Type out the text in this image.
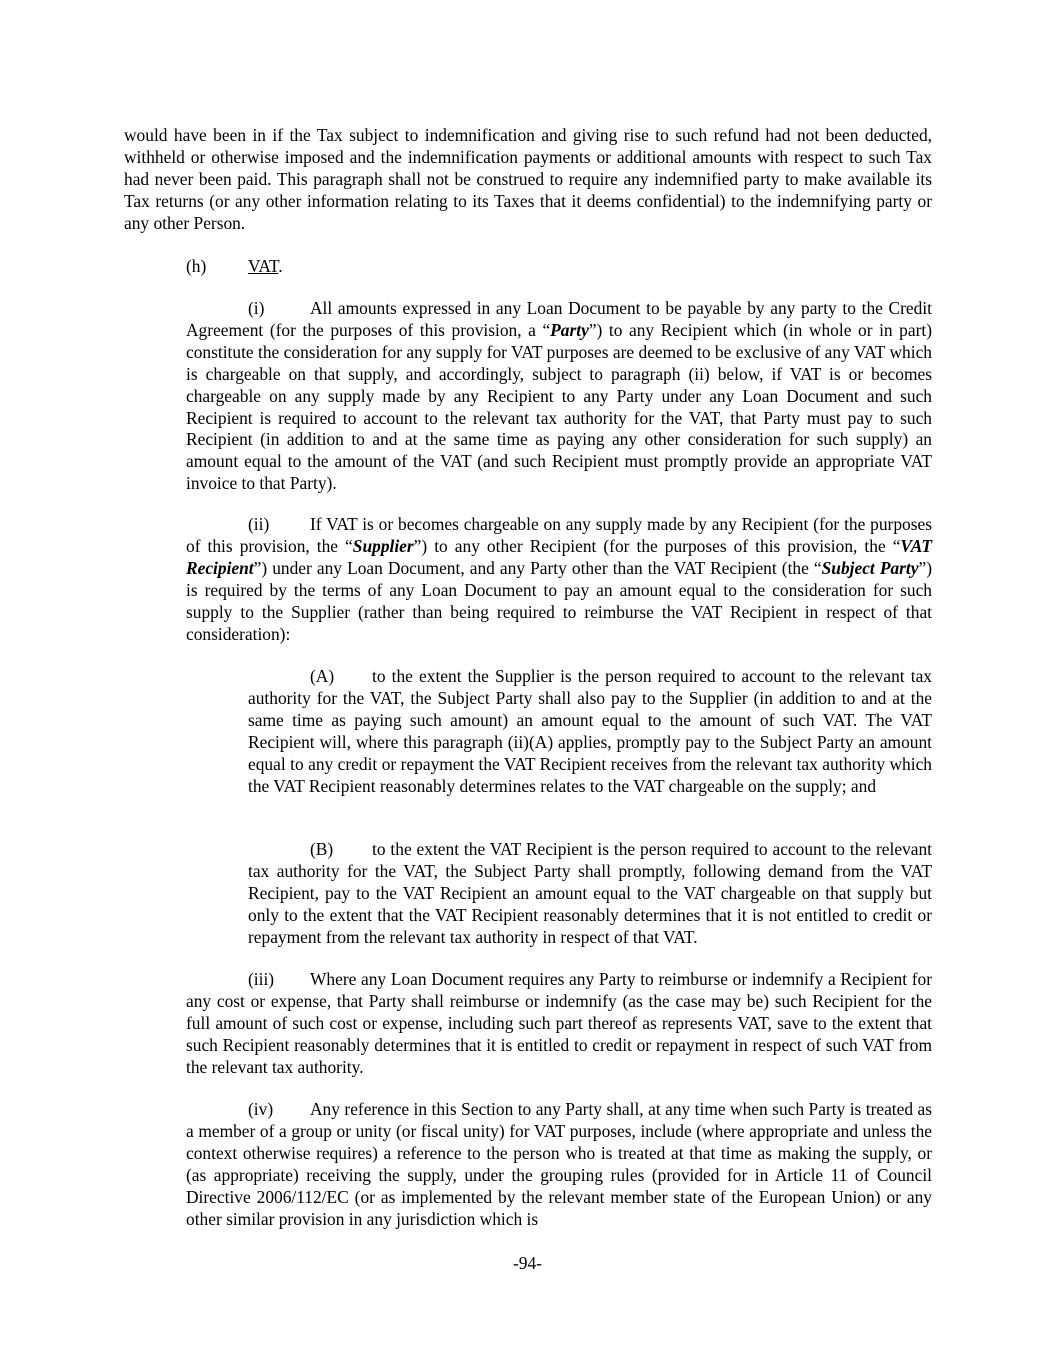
would have been in if the Tax subject to indemnification and giving rise to such refund had not been deducted, withheld or otherwise imposed and the indemnification payments or additional amounts with respect to such Tax had never been paid. This paragraph shall not be construed to require any indemnified party to make available its Tax returns (or any other information relating to its Taxes that it deems confidential) to the indemnifying party or any other Person.

(h) VAT.

(i)	All amounts expressed in any Loan Document to be payable by any party to the Credit Agreement (for the purposes of this provision, a “Party”) to any Recipient which (in whole or in part) constitute the consideration for any supply for VAT purposes are deemed to be exclusive of any VAT which is chargeable on that supply, and accordingly, subject to paragraph (ii) below, if VAT is or becomes chargeable on any supply made by any Recipient to any Party under any Loan Document and such Recipient is required to account to the relevant tax authority for the VAT, that Party must pay to such Recipient (in addition to and at the same time as paying any other consideration for such supply) an amount equal to the amount of the VAT (and such Recipient must promptly provide an appropriate VAT invoice to that Party).

(ii) If VAT is or becomes chargeable on any supply made by any Recipient (for the purposes of this provision, the “Supplier”) to any other Recipient (for the purposes of this provision, the “VAT Recipient”) under any Loan Document, and any Party other than the VAT Recipient (the “Subject Party”) is required by the terms of any Loan Document to pay an amount equal to the consideration for such supply to the Supplier (rather than being required to reimburse the VAT Recipient in respect of that consideration):

(A) to the extent the Supplier is the person required to account to the relevant tax authority for the VAT, the Subject Party shall also pay to the Supplier (in addition to and at the same time as paying such amount) an amount equal to the amount of such VAT. The VAT Recipient will, where this paragraph (ii)(A) applies, promptly pay to the Subject Party an amount equal to any credit or repayment the VAT Recipient receives from the relevant tax authority which the VAT Recipient reasonably determines relates to the VAT chargeable on the supply; and

(B) to the extent the VAT Recipient is the person required to account to the relevant tax authority for the VAT, the Subject Party shall promptly, following demand from the VAT Recipient, pay to the VAT Recipient an amount equal to the VAT chargeable on that supply but only to the extent that the VAT Recipient reasonably determines that it is not entitled to credit or repayment from the relevant tax authority in respect of that VAT.

(iii) Where any Loan Document requires any Party to reimburse or indemnify a Recipient for any cost or expense, that Party shall reimburse or indemnify (as the case may be) such Recipient for the full amount of such cost or expense, including such part thereof as represents VAT, save to the extent that such Recipient reasonably determines that it is entitled to credit or repayment in respect of such VAT from the relevant tax authority.

(iv) Any reference in this Section to any Party shall, at any time when such Party is treated as a member of a group or unity (or fiscal unity) for VAT purposes, include (where appropriate and unless the context otherwise requires) a reference to the person who is treated at that time as making the supply, or (as appropriate) receiving the supply, under the grouping rules (provided for in Article 11 of Council Directive 2006/112/EC (or as implemented by the relevant member state of the European Union) or any other similar provision in any jurisdiction which is

-94-
